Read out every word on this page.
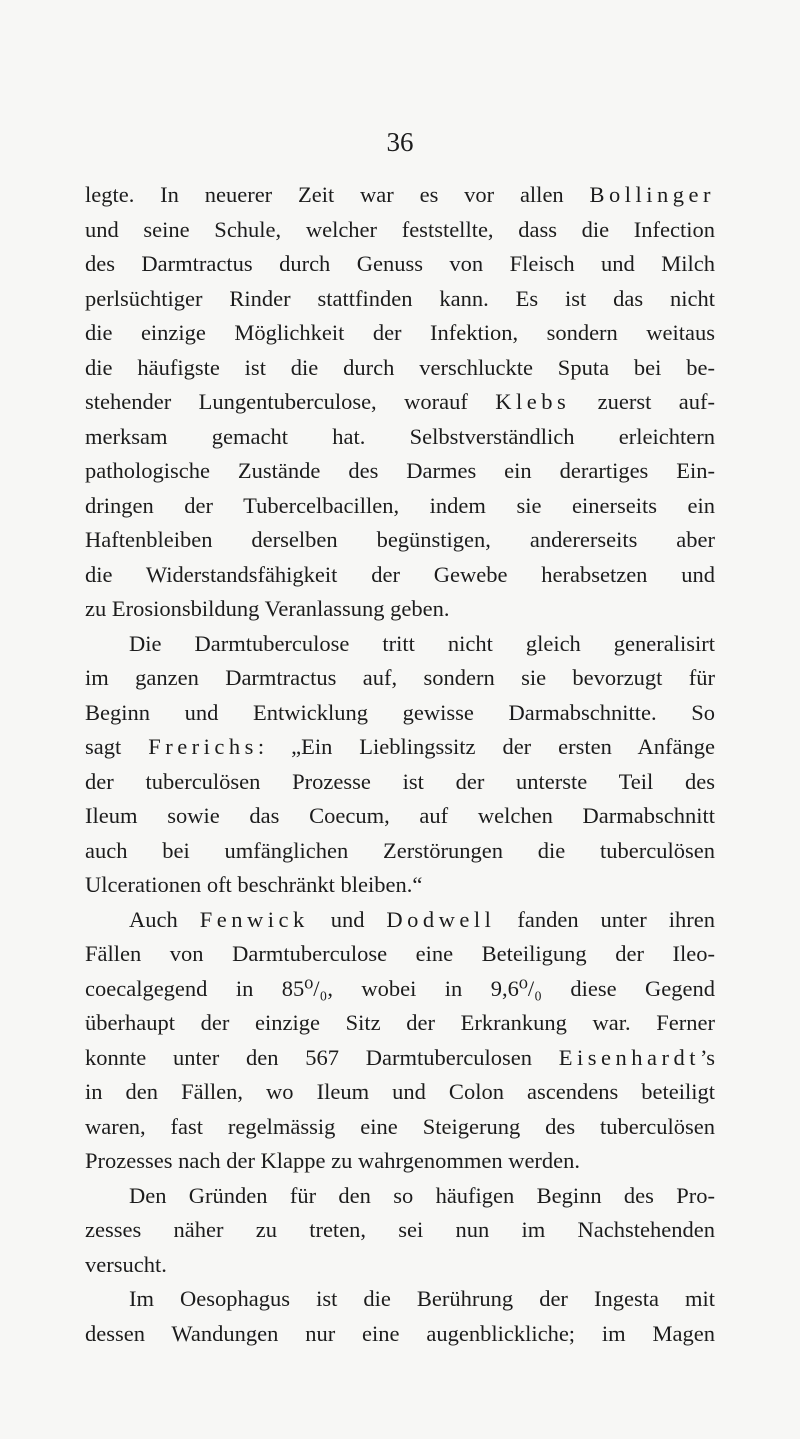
36
legte. In neuerer Zeit war es vor allen Bollinger
und seine Schule, welcher feststellte, dass die Infection
des Darmtractus durch Genuss von Fleisch und Milch
perlsüchtiger Rinder stattfinden kann. Es ist das nicht
die einzige Möglichkeit der Infektion, sondern weitaus
die häufigste ist die durch verschluckte Sputa bei be-
stehender Lungentuberculose, worauf Klebs zuerst auf-
merksam gemacht hat. Selbstverständlich erleichtern
pathologische Zustände des Darmes ein derartiges Ein-
dringen der Tubercelbacillen, indem sie einerseits ein
Haftenbleiben derselben begünstigen, andererseits aber
die Widerstandsfähigkeit der Gewebe herabsetzen und
zu Erosionsbildung Veranlassung geben.
Die Darmtuberculose tritt nicht gleich generalisirt
im ganzen Darmtractus auf, sondern sie bevorzugt für
Beginn und Entwicklung gewisse Darmabschnitte. So
sagt Frerichs: „Ein Lieblingssitz der ersten Anfänge
der tuberculösen Prozesse ist der unterste Teil des
Ileum sowie das Coecum, auf welchen Darmabschnitt
auch bei umfänglichen Zerstörungen die tuberculösen
Ulcerationen oft beschränkt bleiben.“
Auch Fenwick und Dodwell fanden unter ihren
Fällen von Darmtuberculose eine Beteiligung der Ileo-
coecalgegend in 85⁰/₀, wobei in 9,6⁰/₀ diese Gegend
überhaupt der einzige Sitz der Erkrankung war. Ferner
konnte unter den 567 Darmtuberculosen Eisenhardt’s
in den Fällen, wo Ileum und Colon ascendens beteiligt
waren, fast regelmässig eine Steigerung des tuberculösen
Prozesses nach der Klappe zu wahrgenommen werden.
Den Gründen für den so häufigen Beginn des Pro-
zesses näher zu treten, sei nun im Nachstehenden
versucht.
Im Oesophagus ist die Berührung der Ingesta mit
dessen Wandungen nur eine augenblickliche; im Magen
